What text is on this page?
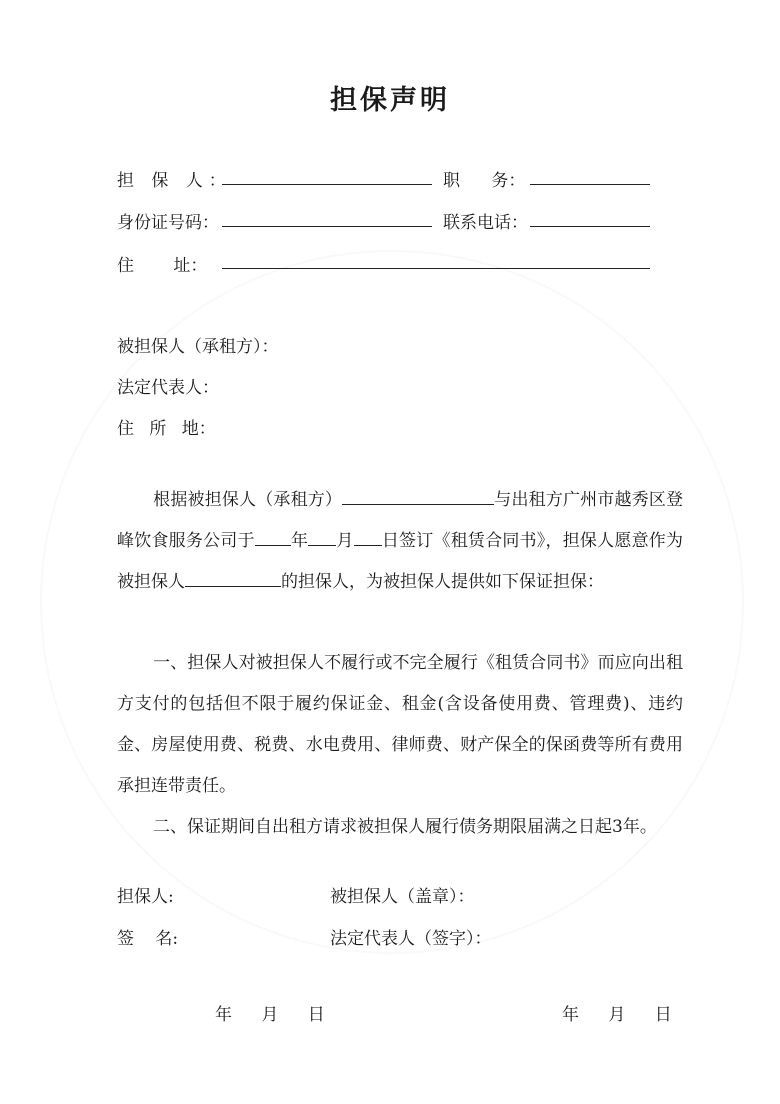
担保声明
担 保 人：	职 务：
身份证号码：	联系电话：
住 址：
被担保人（承租方）：
法定代表人：
住 所 地：
根据被担保人（承租方）	与出租方广州市越秀区登峰饮食服务公司于 年 月 日签订《租赁合同书》，担保人愿意作为被担保人	的担保人，为被担保人提供如下保证担保：
一、担保人对被担保人不履行或不完全履行《租赁合同书》而应向出租方支付的包括但不限于履约保证金、租金(含设备使用费、管理费)、违约金、房屋使用费、税费、水电费用、律师费、财产保全的保函费等所有费用承担连带责任。
二、保证期间自出租方请求被担保人履行债务期限届满之日起3年。
担保人:	被担保人（盖章）：
签 名:	法定代表人（签字）：
年 月 日	年 月 日
